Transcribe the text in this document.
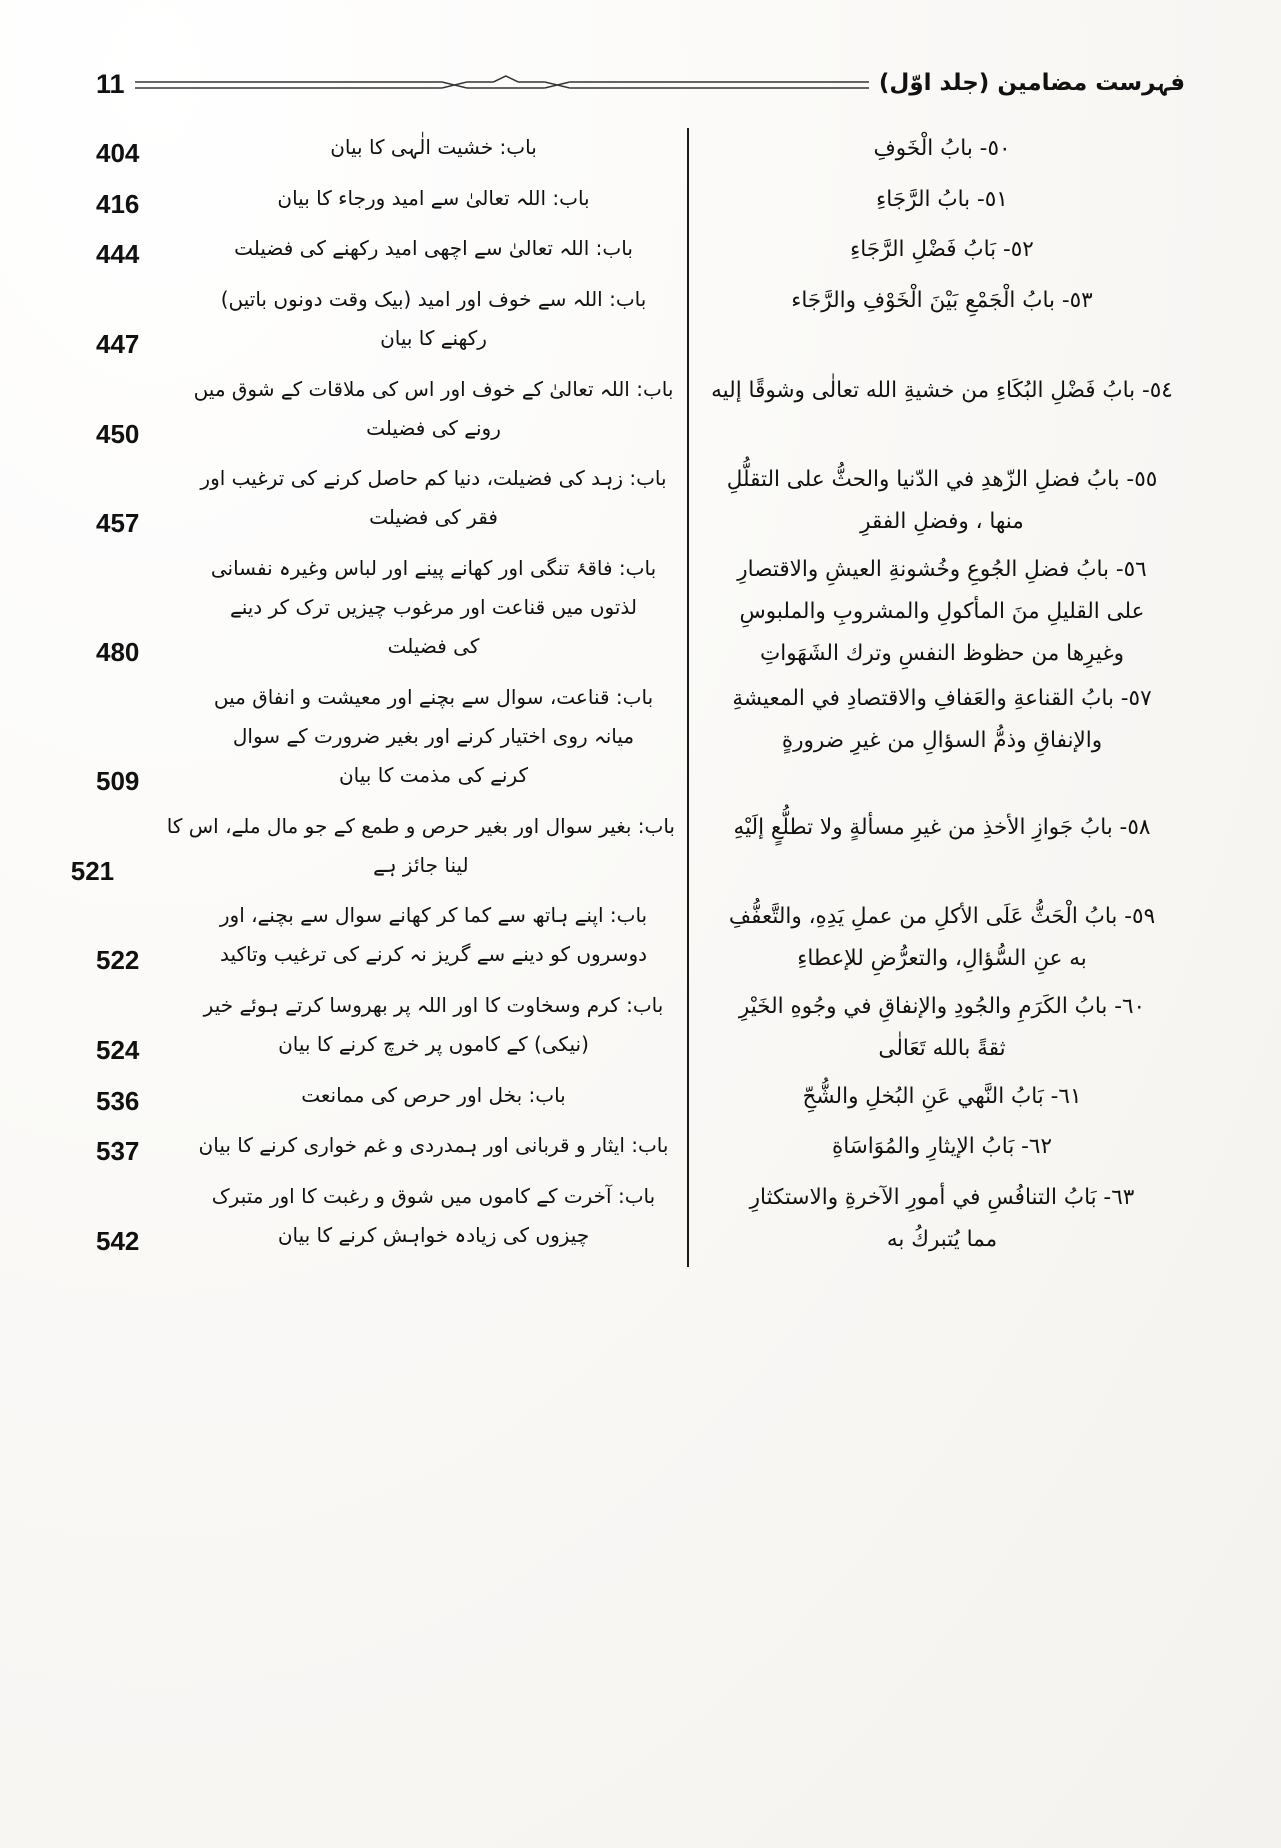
فہرست مضامین (جلد اوّل)
11
٥٠- بابُ الْخَوفِ
باب: خشیت الٰہی کا بیان
404
٥١- بابُ الرَّجَاءِ
باب: اللہ تعالیٰ سے امید ورجاء کا بیان
416
٥٢- بَابُ فَضْلِ الرَّجَاءِ
باب: اللہ تعالیٰ سے اچھی امید رکھنے کی فضیلت
444
٥٣- بابُ الْجَمْعِ بَیْنَ الْخَوْفِ والرَّجَاء
باب: اللہ سے خوف اور امید (بیک وقت دونوں باتیں)
رکھنے کا بیان
447
٥٤- بابُ فَضْلِ البُكَاءِ من خشیةِ الله تعالٰی وشوقًا إلیه
باب: اللہ تعالیٰ کے خوف اور اس کی ملاقات کے شوق میں
رونے کی فضیلت
450
٥٥- بابُ فضلِ الزّهدِ في الدّنیا والحثُّ على التقلُّلِ
منها ، وفضلِ الفقرِ
باب: زہد کی فضیلت، دنیا کم حاصل کرنے کی ترغیب اور
فقر کی فضیلت
457
٥٦- بابُ فضلِ الجُوعِ وخُشونةِ العیشِ والاقتصارِ
على القلیلِ منَ المأكولِ والمشروبِ والملبوسِ
وغیرِها من حظوظ النفسِ وترك الشَهَواتِ
باب: فاقۂ تنگی اور کھانے پینے اور لباس وغیرہ نفسانی
لذتوں میں قناعت اور مرغوب چیزیں ترک کر دینے
کی فضیلت
480
٥٧- بابُ القناعةِ والعَفافِ والاقتصادِ في المعیشةِ
والإنفاقِ وذمُّ السؤالِ من غیرِ ضرورةٍ
باب: قناعت، سوال سے بچنے اور معیشت و انفاق میں
میانہ روی اختیار کرنے اور بغیر ضرورت کے سوال
کرنے کی مذمت کا بیان
509
٥٨- بابُ جَوازِ الأخذِ من غیرِ مسألةٍ ولا تطلُّعٍ إلَیْهِ
باب: بغیر سوال اور بغیر حرص و طمع کے جو مال ملے، اس کا
لینا جائز ہے
521
٥٩- بابُ الْحَثُّ عَلَى الأكلِ من عملِ یَدِهِ، والتَّعفُّفِ
به عنِ السُّؤالِ، والتعرُّضِ للإعطاءِ
باب: اپنے ہاتھ سے کما کر کھانے سوال سے بچنے، اور
دوسروں کو دینے سے گریز نہ کرنے کی ترغیب وتاکید
522
٦٠- بابُ الكَرَمِ والجُودِ والإنفاقِ في وجُوهِ الخَیْرِ
ثقةً بالله تَعَالٰی
باب: کرم وسخاوت کا اور اللہ پر بھروسا کرتے ہوئے خیر
(نیکی) کے کاموں پر خرچ کرنے کا بیان
524
٦١- بَابُ النَّهي عَنِ البُخلِ والشُّحِّ
باب: بخل اور حرص کی ممانعت
536
٦٢- بَابُ الإیثارِ والمُوَاسَاةِ
باب: ایثار و قربانی اور ہمدردی و غم خواری کرنے کا بیان
537
٦٣- بَابُ التنافُسِ في أمورِ الآخرةِ والاستكثارِ
مما یُتبركُ به
باب: آخرت کے کاموں میں شوق و رغبت کا اور متبرک
چیزوں کی زیادہ خواہش کرنے کا بیان
542
